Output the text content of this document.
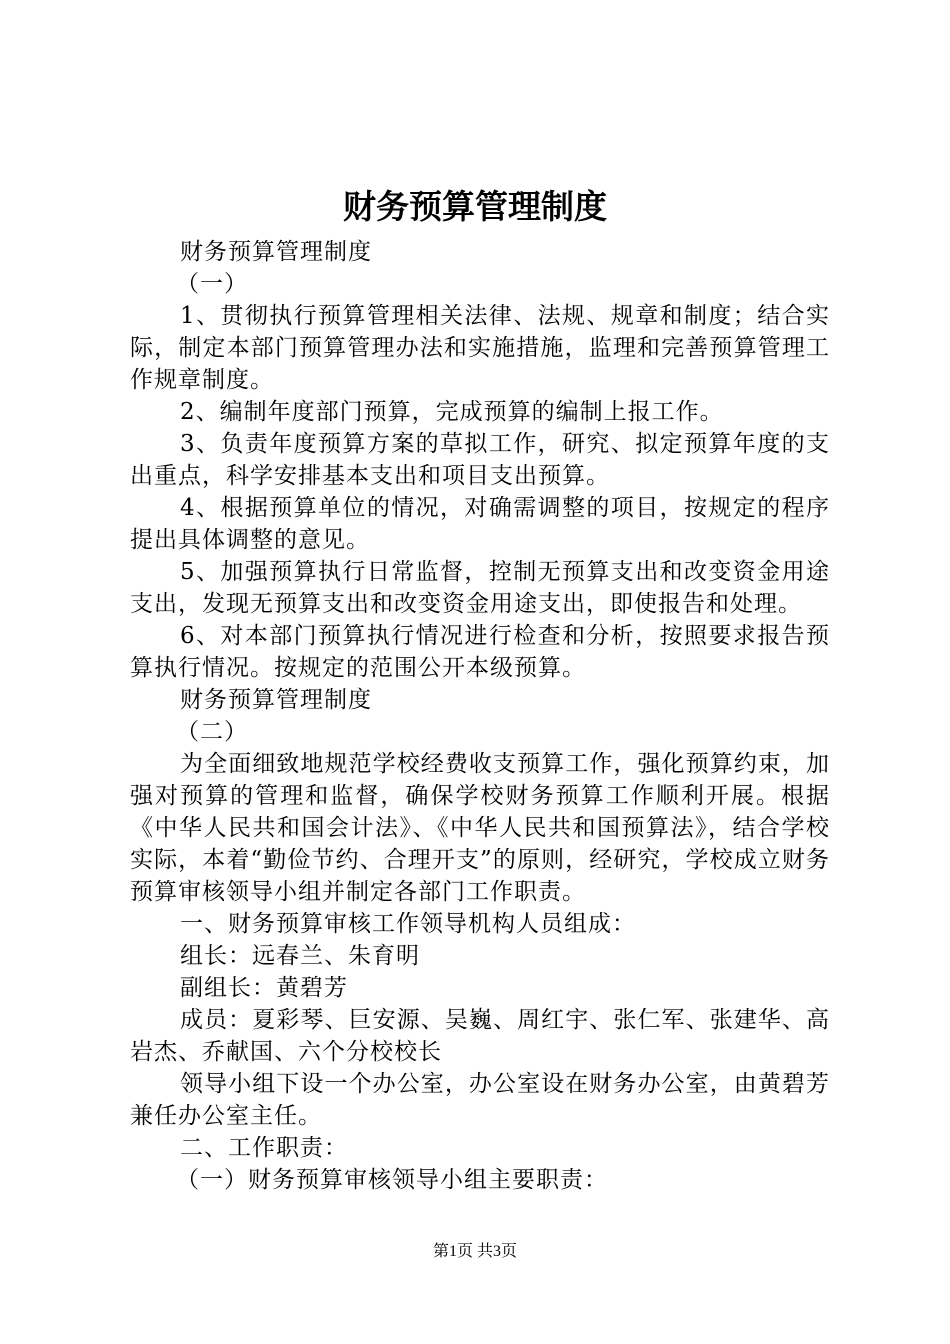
财务预算管理制度

财务预算管理制度

（一）

1、贯彻执行预算管理相关法律、法规、规章和制度；结合实际，制定本部门预算管理办法和实施措施，监理和完善预算管理工作规章制度。

2、编制年度部门预算，完成预算的编制上报工作。

3、负责年度预算方案的草拟工作，研究、拟定预算年度的支出重点，科学安排基本支出和项目支出预算。

4、根据预算单位的情况，对确需调整的项目，按规定的程序提出具体调整的意见。

5、加强预算执行日常监督，控制无预算支出和改变资金用途支出，发现无预算支出和改变资金用途支出，即使报告和处理。

6、对本部门预算执行情况进行检查和分析，按照要求报告预算执行情况。按规定的范围公开本级预算。

财务预算管理制度

（二）

为全面细致地规范学校经费收支预算工作，强化预算约束，加强对预算的管理和监督，确保学校财务预算工作顺利开展。根据《中华人民共和国会计法》、《中华人民共和国预算法》，结合学校实际，本着“勤俭节约、合理开支”的原则，经研究，学校成立财务预算审核领导小组并制定各部门工作职责。

一、财务预算审核工作领导机构人员组成：

组长：远春兰、朱育明

副组长：黄碧芳

成员：夏彩琴、巨安源、吴巍、周红宇、张仁军、张建华、高岩杰、乔献国、六个分校校长

领导小组下设一个办公室，办公室设在财务办公室，由黄碧芳兼任办公室主任。

二、工作职责：

（一）财务预算审核领导小组主要职责：

第1页 共3页
